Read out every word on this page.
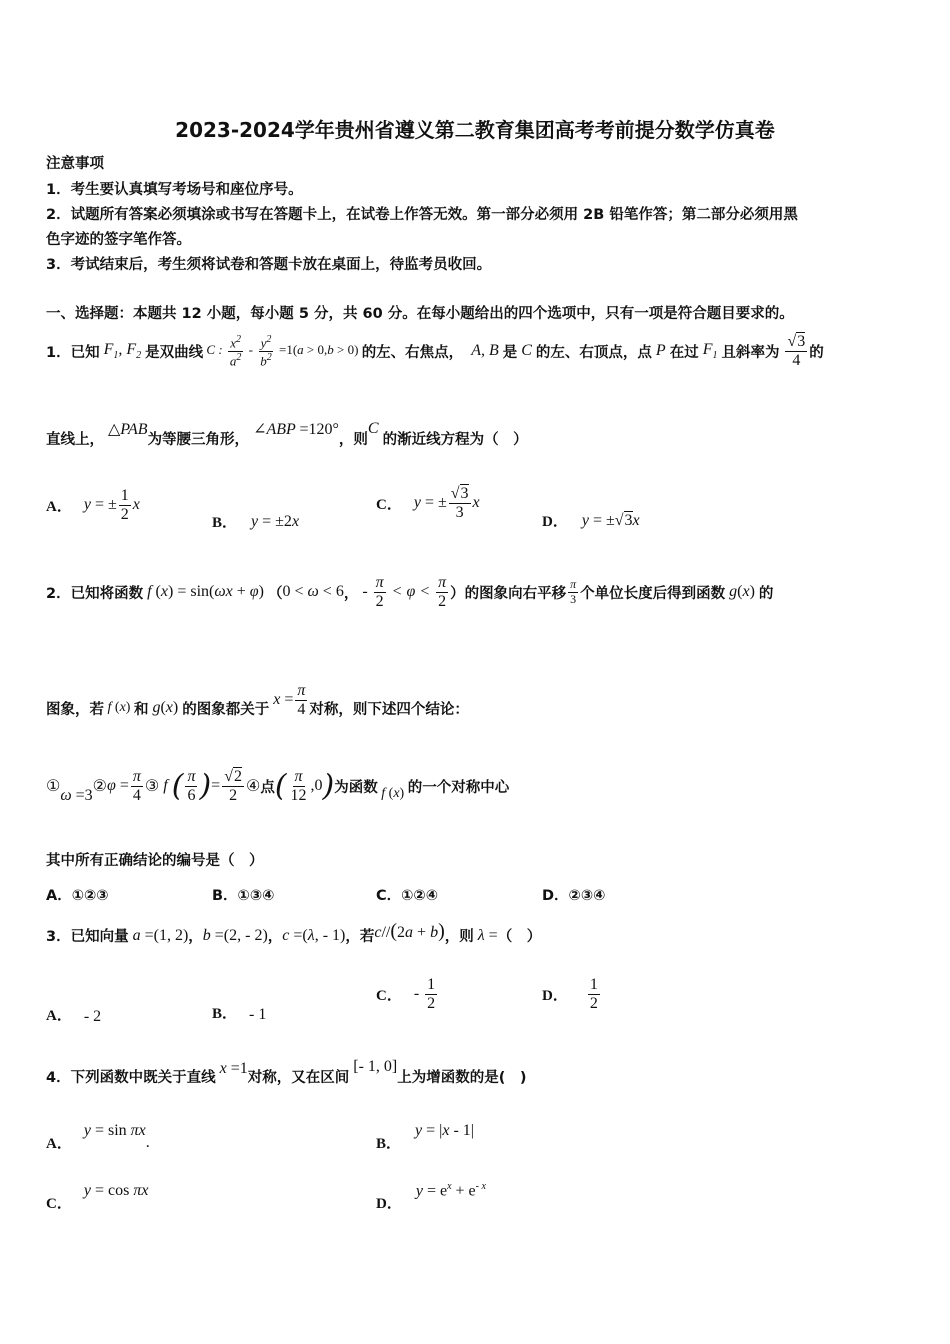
2023-2024学年贵州省遵义第二教育集团高考考前提分数学仿真卷
注意事项
1．考生要认真填写考场号和座位序号。
2．试题所有答案必须填涂或书写在答题卡上，在试卷上作答无效。第一部分必须用 2B 铅笔作答；第二部分必须用黑
色字迹的签字笔作答。
3．考试结束后，考生须将试卷和答题卡放在桌面上，待监考员收回。
一、选择题：本题共 12 小题，每小题 5 分，共 60 分。在每小题给出的四个选项中，只有一项是符合题目要求的。
1．已知 $F_1$, $F_2$ 是双曲线 C : $\frac{x^2}{a^2} - \frac{y^2}{b^2} =1(a > 0,b > 0)$ 的左、右焦点， A, B 是 C 的左、右顶点，点 P 在过 $F_1$ 且斜率为 $\frac{√3}{4}$ 的
直线上，
△PAB
为等腰三角形，
∠ABP =120°
，则
C
的渐近线方程为（　）
A． y = ± $\frac{1}{2}$ x
B． y = ±2x
C． y = ± $\frac{√3}{3}$ x
D． y = ±√3x
2．已知将函数 f (x) = sin(ωx + φ) （ 0 < ω < 6 ， - $\frac{\pi}{2} < \varphi < \frac{\pi}{2}$ ）的图象向右平移 $\frac{\pi}{3}$ 个单位长度后得到函数 g(x) 的
图象，若 f (x) 和 g(x) 的图象都关于
$x = \frac{\pi}{4}$ 对称，则下述四个结论：
①
ω =3
② $\varphi = \frac{\pi}{4}$ ③ f ( $\frac{\pi}{6}$ )= $\frac{√2}{2}$ ④ 点 ( $\frac{\pi}{12} ,0$) 为函数 f (x) 的一个对称中心
其中所有正确结论的编号是（　）
A．①②③	B．①③④	C．①②④	D．②③④
3．已知向量 a =(1, 2) ， b =(2, - 2) ， c =(λ, - 1) ，若 c//(2a + b) ，则 λ = （　）
A． - 2	B． - 1
C． - $\frac{1}{2}$	D． $\frac{1}{2}$
4．下列函数中既关于直线
x =1
对称，又在区间
[- 1, 0]
上为增函数的是(　)
A．
y = sin πx.	B．
y = |x - 1|
C．
y = cos πx
D．
$y = e^x + e^{- x}$
